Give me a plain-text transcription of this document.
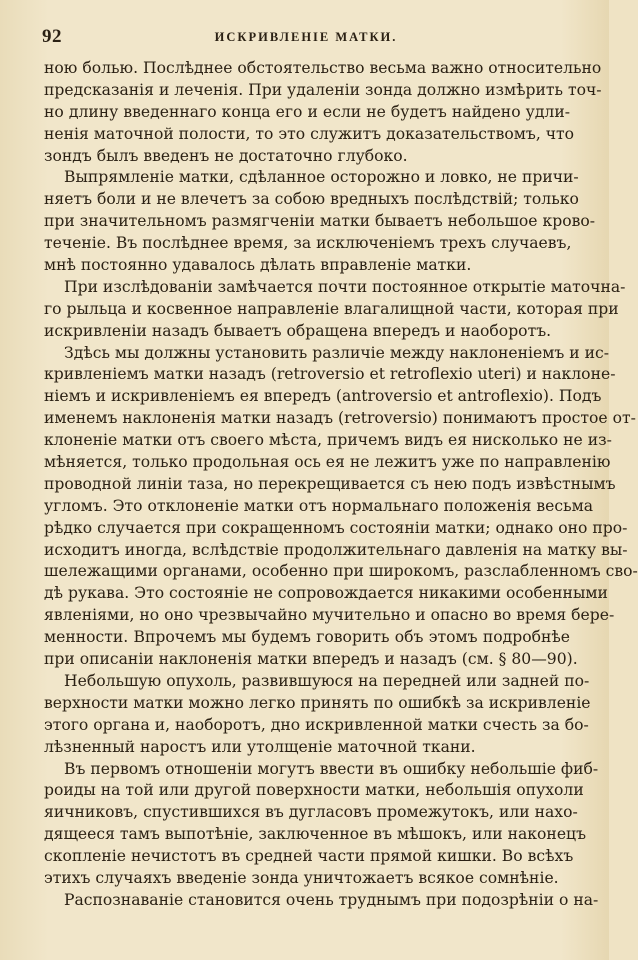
92	ИСКРИВЛЕНІЕ МАТКИ.
ною болью. Послѣднее обстоятельство весьма важно относительно
предсказанія и леченія. При удаленіи зонда должно измѣрить точ-
но длину введеннаго конца его и если не будетъ найдено удли-
ненія маточной полости, то это служитъ доказательствомъ, что
зондъ былъ введенъ не достаточно глубоко.
Выпрямленіе матки, сдѣланное осторожно и ловко, не причи-
няетъ боли и не влечетъ за собою вредныхъ послѣдствій; только
при значительномъ размягченіи матки бываетъ небольшое крово-
теченіе. Въ послѣднее время, за исключеніемъ трехъ случаевъ,
мнѣ постоянно удавалось дѣлать вправленіе матки.
При изслѣдованіи замѣчается почти постоянное открытіе маточна-
го рыльца и косвенное направленіе влагалищной части, которая при
искривленіи назадъ бываетъ обращена впередъ и наоборотъ.
Здѣсь мы должны установить различіе между наклоненіемъ и ис-
кривленіемъ матки назадъ (retroversio et retroflexio uteri) и наклоне-
ніемъ и искривленіемъ ея впередъ (antroversio et antroflexio). Подъ
именемъ наклоненія матки назадъ (retroversio) понимаютъ простое от-
клоненіе матки отъ своего мѣста, причемъ видъ ея нисколько не из-
мѣняется, только продольная ось ея не лежитъ уже по направленію
проводной линіи таза, но перекрещивается съ нею подъ извѣстнымъ
угломъ. Это отклоненіе матки отъ нормальнаго положенія весьма
рѣдко случается при сокращенномъ состояніи матки; однако оно про-
исходитъ иногда, вслѣдствіе продолжительнаго давленія на матку вы-
шележащими органами, особенно при широкомъ, разслабленномъ сво-
дѣ рукава. Это состояніе не сопровождается никакими особенными
явленіями, но оно чрезвычайно мучительно и опасно во время бере-
менности. Впрочемъ мы будемъ говорить объ этомъ подробнѣе
при описаніи наклоненія матки впередъ и назадъ (см. § 80—90).
Небольшую опухоль, развившуюся на передней или задней по-
верхности матки можно легко принять по ошибкѣ за искривленіе
этого органа и, наоборотъ, дно искривленной матки счесть за бо-
лѣзненный наростъ или утолщеніе маточной ткани.
Въ первомъ отношеніи могутъ ввести въ ошибку небольшіе фиб-
роиды на той или другой поверхности матки, небольшія опухоли
яичниковъ, спустившихся въ дугласовъ промежутокъ, или нахо-
дящееся тамъ выпотѣніе, заключенное въ мѣшокъ, или наконецъ
скопленіе нечистотъ въ средней части прямой кишки. Во всѣхъ
этихъ случаяхъ введеніе зонда уничтожаетъ всякое сомнѣніе.
Распознаваніе становится очень труднымъ при подозрѣніи о на-
